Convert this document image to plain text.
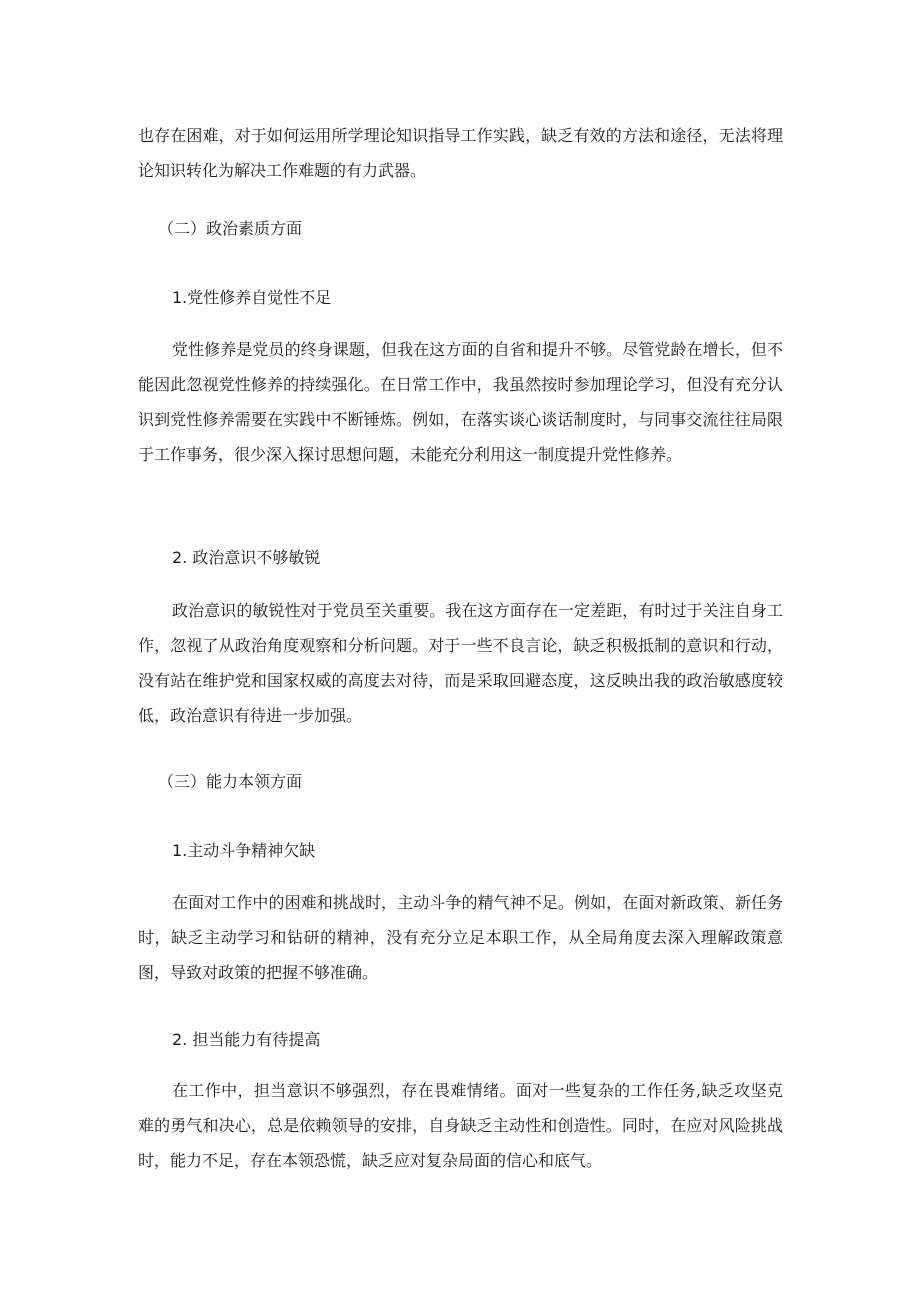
也存在困难，对于如何运用所学理论知识指导工作实践，缺乏有效的方法和途径，无法将理论知识转化为解决工作难题的有力武器。

（二）政治素质方面

1.党性修养自觉性不足

党性修养是党员的终身课题，但我在这方面的自省和提升不够。尽管党龄在增长，但不能因此忽视党性修养的持续强化。在日常工作中，我虽然按时参加理论学习，但没有充分认识到党性修养需要在实践中不断锤炼。例如，在落实谈心谈话制度时，与同事交流往往局限于工作事务，很少深入探讨思想问题，未能充分利用这一制度提升党性修养。

2. 政治意识不够敏锐

政治意识的敏锐性对于党员至关重要。我在这方面存在一定差距，有时过于关注自身工作，忽视了从政治角度观察和分析问题。对于一些不良言论，缺乏积极抵制的意识和行动，没有站在维护党和国家权威的高度去对待，而是采取回避态度，这反映出我的政治敏感度较低，政治意识有待进一步加强。

（三）能力本领方面

1.主动斗争精神欠缺

在面对工作中的困难和挑战时，主动斗争的精气神不足。例如，在面对新政策、新任务时，缺乏主动学习和钻研的精神，没有充分立足本职工作，从全局角度去深入理解政策意图，导致对政策的把握不够准确。

2. 担当能力有待提高

在工作中，担当意识不够强烈，存在畏难情绪。面对一些复杂的工作任务,缺乏攻坚克难的勇气和决心，总是依赖领导的安排，自身缺乏主动性和创造性。同时，在应对风险挑战时，能力不足，存在本领恐慌，缺乏应对复杂局面的信心和底气。
